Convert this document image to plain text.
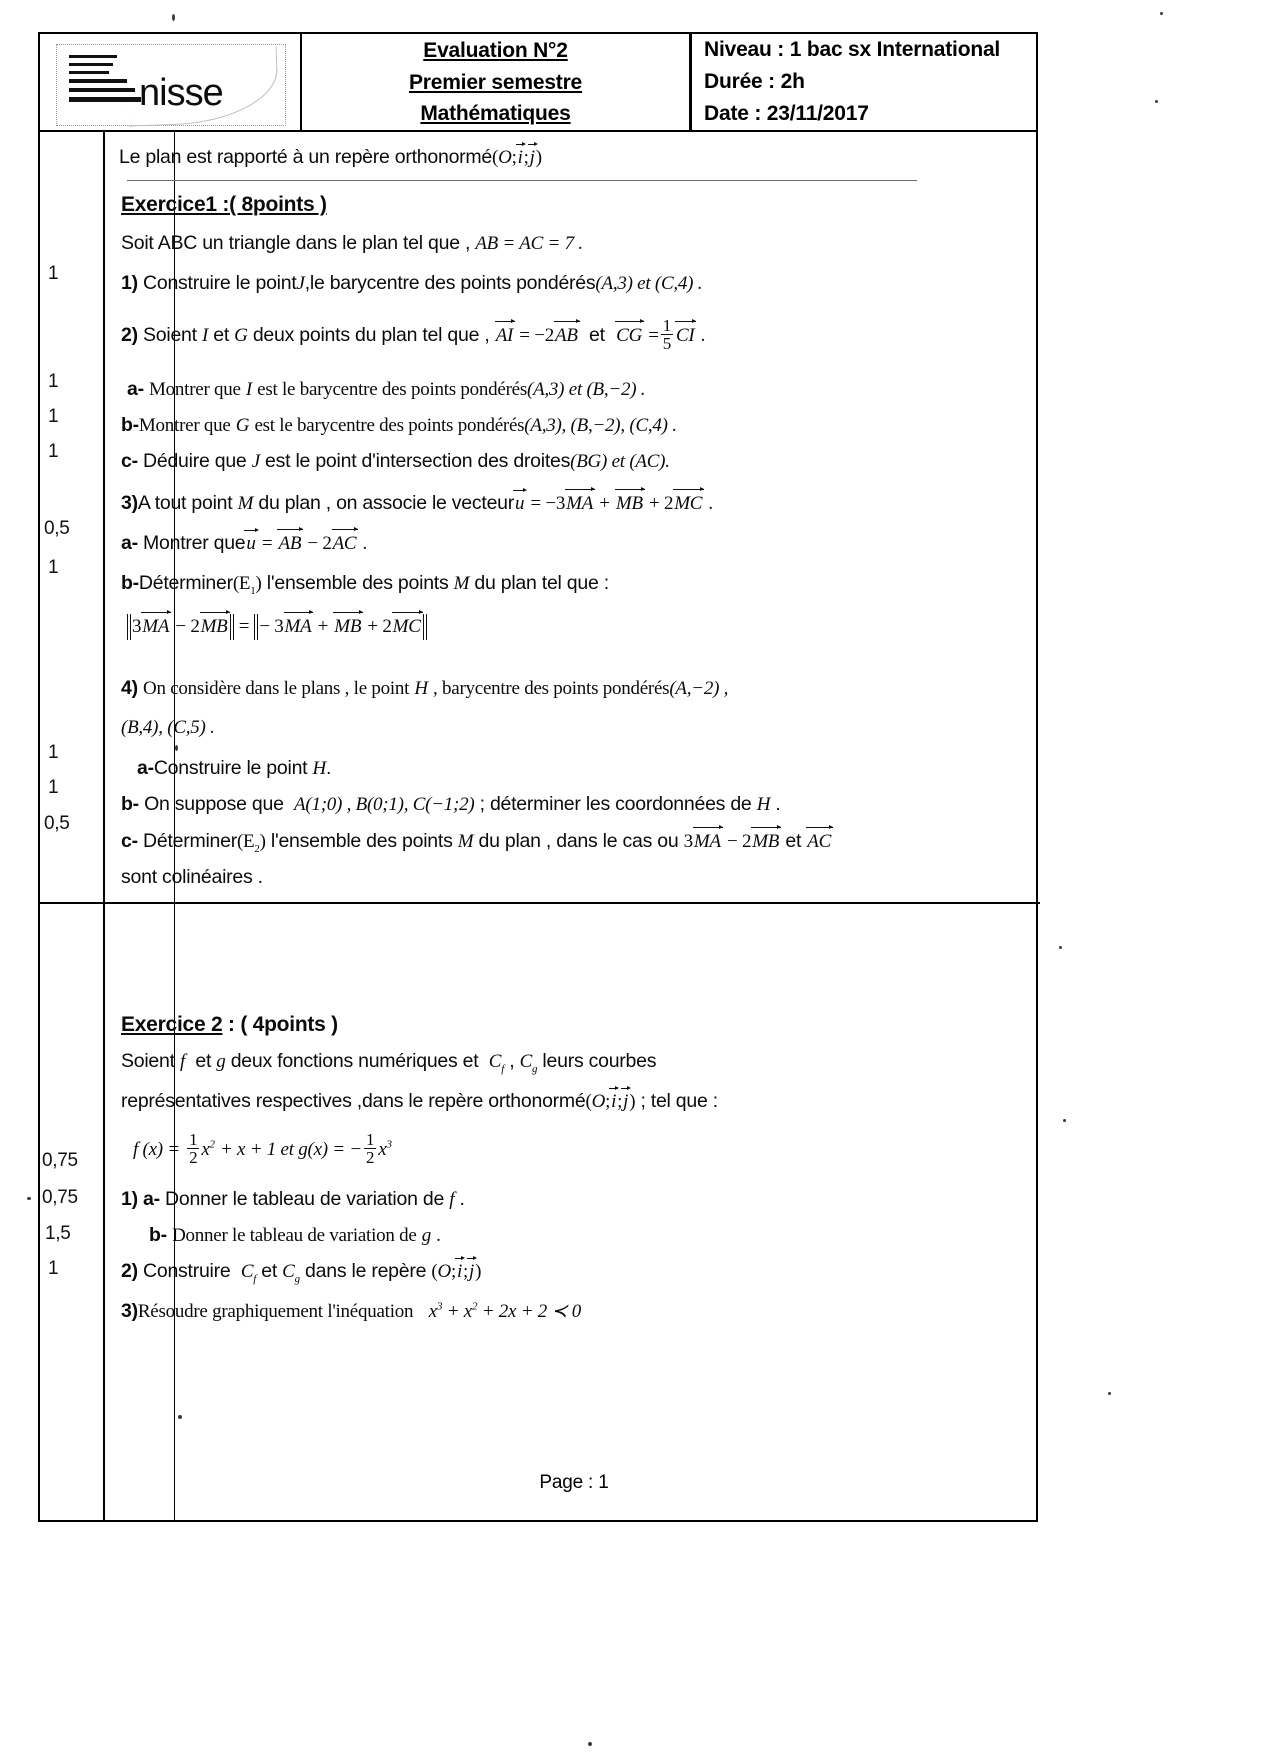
nisse
Evaluation N°2
Premier semestre
Mathématiques
Niveau : 1 bac sx International
Durée : 2h
Date : 23/11/2017
1
1
1
1
0,5
1
1
1
0,5
0,75
0,75
1,5
1
Le plan est rapporté à un repère orthonormé(O;i;j)
Exercice1 :( 8points )
Soit ABC un triangle dans le plan tel que , AB = AC = 7 .
1) Construire le pointJ,le barycentre des points pondérés(A,3) et (C,4) .
2) Soient I et G deux points du plan tel que , AI = −2AB et CG = $\frac{1}{5}$ CI .
a- Montrer que I est le barycentre des points pondérés(A,3) et (B,−2) .
b-Montrer que G est le barycentre des points pondérés(A,3), (B,−2), (C,4) .
c- Déduire que J est le point d'intersection des droites(BG) et (AC).
3)A tout point M du plan , on associe le vecteuru = −3MA + MB + 2MC .
a- Montrer queu = AB − 2AC .
$b-Déterminer(E_1)$ l'ensemble des points M du plan tel que :
3MA − 2MB = − 3MA + MB + 2MC
4) On considère dans le plans , le point H , barycentre des points pondérés(A,−2) ,
(B,4), (C,5) .
a-Construire le point H.
b- On suppose que A(1;0) , B(0;1), C(−1;2) ; déterminer les coordonnées de H .
c- $Déterminer(E_2)$ l'ensemble des points M du plan , dans le cas ou 3MA − 2MB et AC
sont colinéaires .
Exercice 2 : ( 4points )
Soient f et g deux fonctions numériques et $C_f$ , $C_g$ leurs courbes
représentatives respectives ,dans le repère orthonormé(O;i;j) ; tel que :
f $(x) = \frac{1}{2} x^2 + x + 1$ et g(x) = − $\frac{1}{2} x^3$
1) a- Donner le tableau de variation de f .
b- Donner le tableau de variation de g .
2) Construire $C_f$ et $C_g$ dans le repère (O;i;j)
3)Résoudre graphiquement l'inéquation $x^3 + x^2 + 2x + 2$ ≺ 0
Page : 1
